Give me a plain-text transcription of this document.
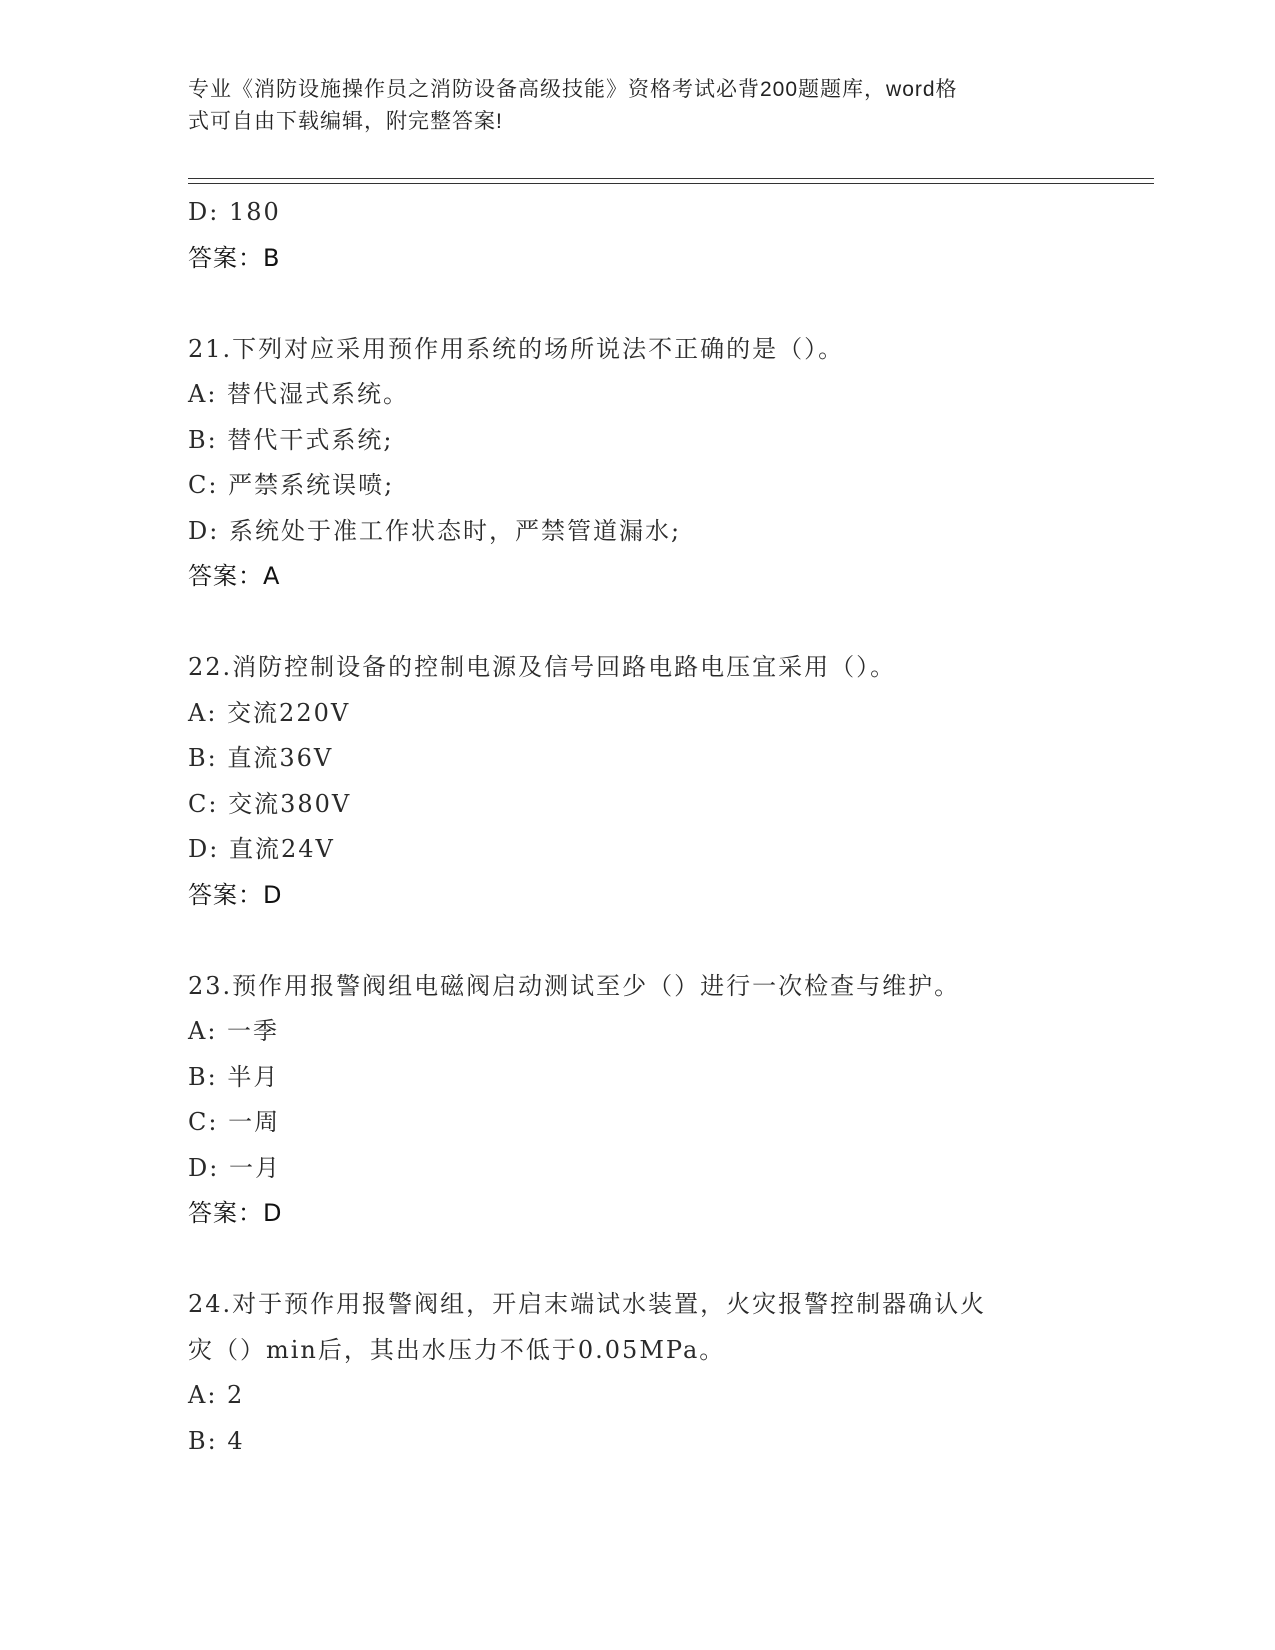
专业《消防设施操作员之消防设备高级技能》资格考试必背200题题库，word格
式可自由下载编辑，附完整答案!
D: 180
答案：B
21.下列对应采用预作用系统的场所说法不正确的是（）。
A: 替代湿式系统。
B: 替代干式系统;
C: 严禁系统误喷;
D: 系统处于准工作状态时，严禁管道漏水;
答案：A
22.消防控制设备的控制电源及信号回路电路电压宜采用（）。
A: 交流220V
B: 直流36V
C: 交流380V
D: 直流24V
答案：D
23.预作用报警阀组电磁阀启动测试至少（）进行一次检查与维护。
A: 一季
B: 半月
C: 一周
D: 一月
答案：D
24.对于预作用报警阀组，开启末端试水装置，火灾报警控制器确认火
灾（）min后，其出水压力不低于0.05MPa。
A: 2
B: 4
